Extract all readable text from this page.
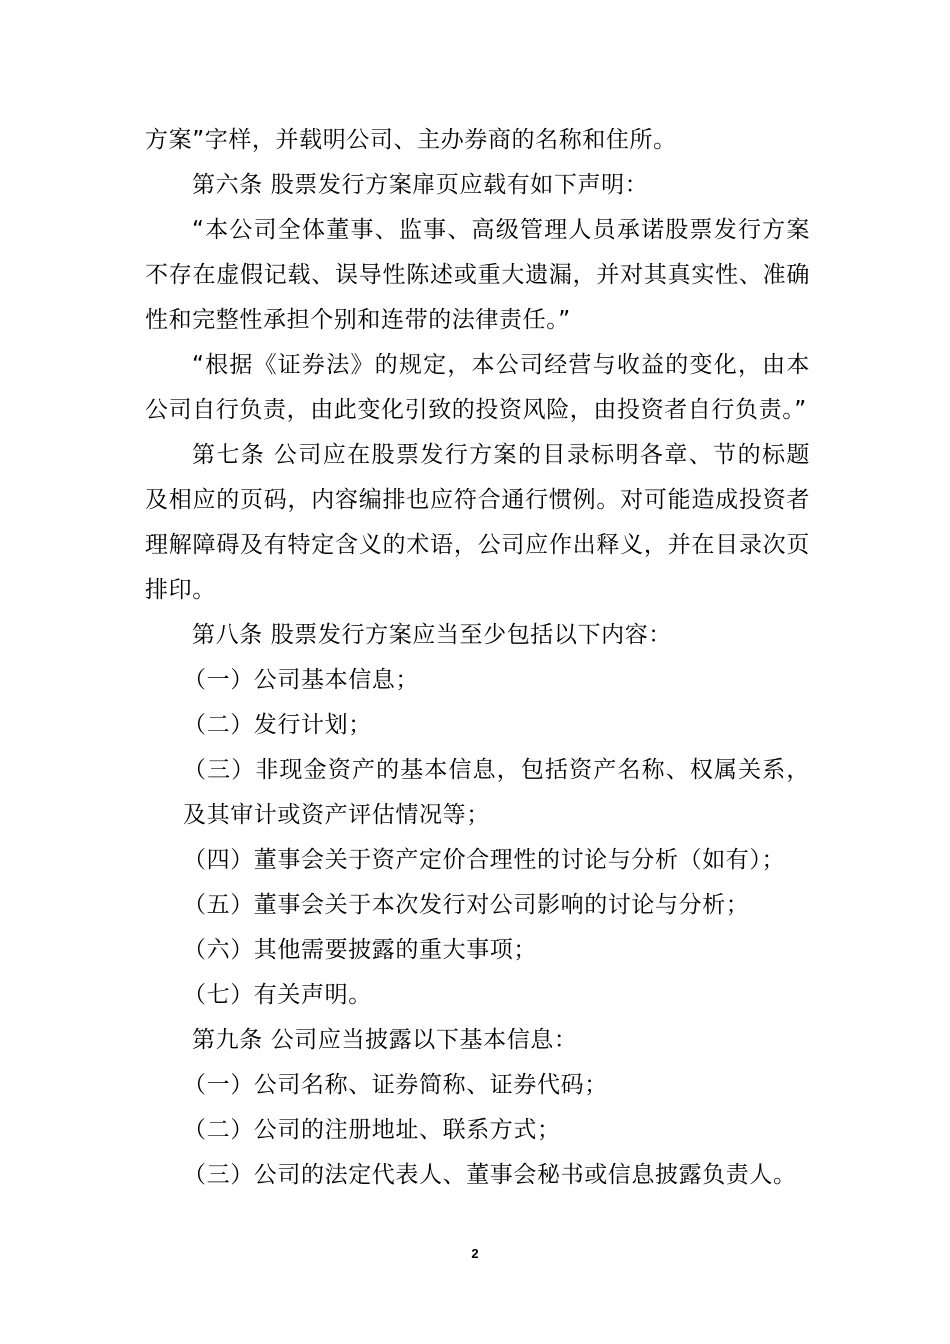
方案”字样，并载明公司、主办券商的名称和住所。

第六条 股票发行方案扉页应载有如下声明：

“本公司全体董事、监事、高级管理人员承诺股票发行方案不存在虚假记载、误导性陈述或重大遗漏，并对其真实性、准确性和完整性承担个别和连带的法律责任。”

“根据《证券法》的规定，本公司经营与收益的变化，由本公司自行负责，由此变化引致的投资风险，由投资者自行负责。”

第七条 公司应在股票发行方案的目录标明各章、节的标题及相应的页码，内容编排也应符合通行惯例。对可能造成投资者理解障碍及有特定含义的术语，公司应作出释义，并在目录次页排印。

第八条 股票发行方案应当至少包括以下内容：

（一）公司基本信息；

（二）发行计划；

（三）非现金资产的基本信息，包括资产名称、权属关系，及其审计或资产评估情况等；

（四）董事会关于资产定价合理性的讨论与分析（如有）；

（五）董事会关于本次发行对公司影响的讨论与分析；

（六）其他需要披露的重大事项；

（七）有关声明。

第九条 公司应当披露以下基本信息：

（一）公司名称、证券简称、证券代码；

（二）公司的注册地址、联系方式；

（三）公司的法定代表人、董事会秘书或信息披露负责人。

2
